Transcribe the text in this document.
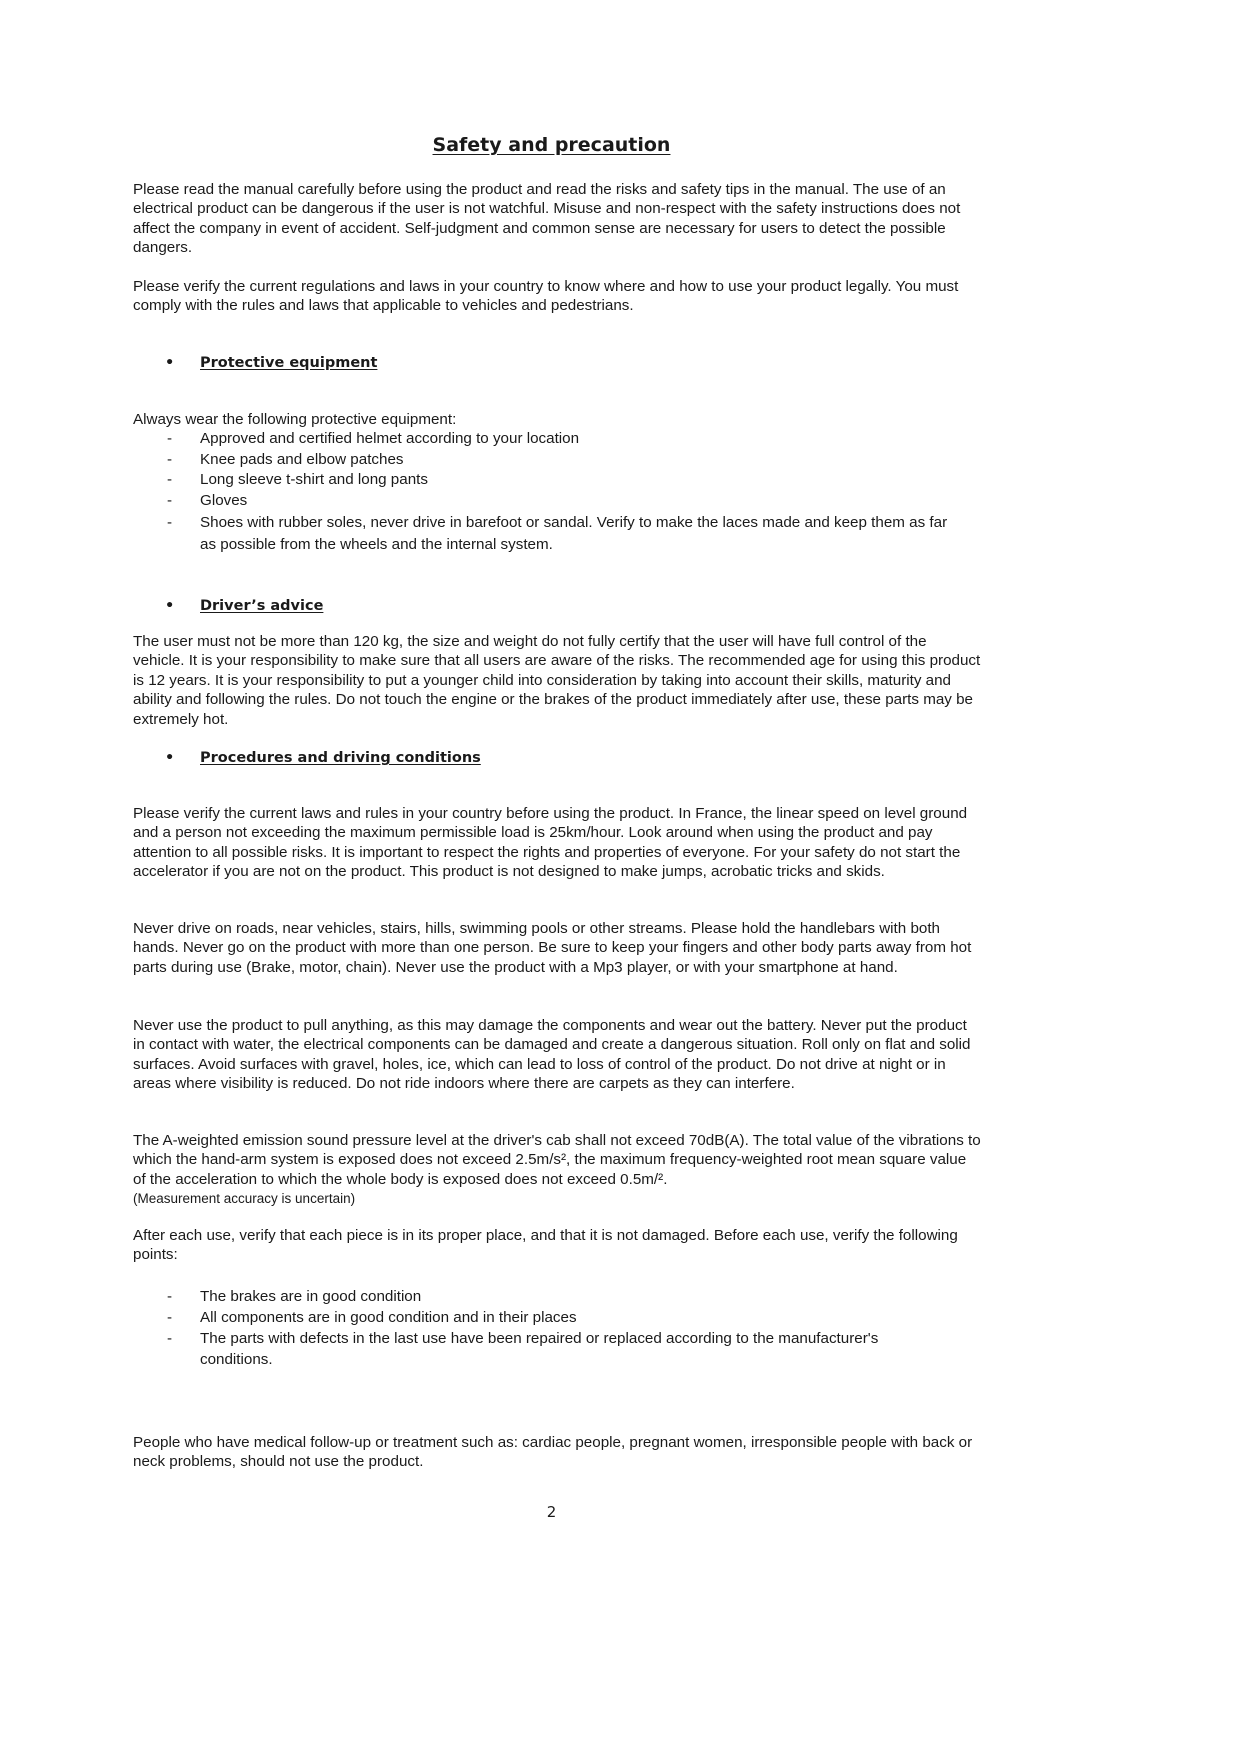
Safety and precaution

Please read the manual carefully before using the product and read the risks and safety tips in the manual. The use of an electrical product can be dangerous if the user is not watchful. Misuse and non-respect with the safety instructions does not affect the company in event of accident. Self-judgment and common sense are necessary for users to detect the possible dangers.

Please verify the current regulations and laws in your country to know where and how to use your product legally. You must comply with the rules and laws that applicable to vehicles and pedestrians.

• Protective equipment

Always wear the following protective equipment:

- Approved and certified helmet according to your location
- Knee pads and elbow patches
- Long sleeve t-shirt and long pants
- Gloves
- Shoes with rubber soles, never drive in barefoot or sandal. Verify to make the laces made and keep them as far as possible from the wheels and the internal system.
• Driver’s advice

The user must not be more than 120 kg, the size and weight do not fully certify that the user will have full control of the vehicle. It is your responsibility to make sure that all users are aware of the risks. The recommended age for using this product is 12 years. It is your responsibility to put a younger child into consideration by taking into account their skills, maturity and ability and following the rules. Do not touch the engine or the brakes of the product immediately after use, these parts may be extremely hot.

• Procedures and driving conditions

Please verify the current laws and rules in your country before using the product. In France, the linear speed on level ground and a person not exceeding the maximum permissible load is 25km/hour. Look around when using the product and pay attention to all possible risks. It is important to respect the rights and properties of everyone. For your safety do not start the accelerator if you are not on the product. This product is not designed to make jumps, acrobatic tricks and skids.

Never drive on roads, near vehicles, stairs, hills, swimming pools or other streams. Please hold the handlebars with both hands. Never go on the product with more than one person. Be sure to keep your fingers and other body parts away from hot parts during use (Brake, motor, chain). Never use the product with a Mp3 player, or with your smartphone at hand.

Never use the product to pull anything, as this may damage the components and wear out the battery. Never put the product in contact with water, the electrical components can be damaged and create a dangerous situation. Roll only on flat and solid surfaces. Avoid surfaces with gravel, holes, ice, which can lead to loss of control of the product. Do not drive at night or in areas where visibility is reduced. Do not ride indoors where there are carpets as they can interfere.

The A-weighted emission sound pressure level at the driver's cab shall not exceed 70dB(A). The total value of the vibrations to which the hand-arm system is exposed does not exceed 2.5m/s², the maximum frequency-weighted root mean square value of the acceleration to which the whole body is exposed does not exceed 0.5m/².

(Measurement accuracy is uncertain)

After each use, verify that each piece is in its proper place, and that it is not damaged. Before each use, verify the following points:

- The brakes are in good condition
- All components are in good condition and in their places
- The parts with defects in the last use have been repaired or replaced according to the manufacturer's conditions.

People who have medical follow-up or treatment such as: cardiac people, pregnant women, irresponsible people with back or neck problems, should not use the product.

2
